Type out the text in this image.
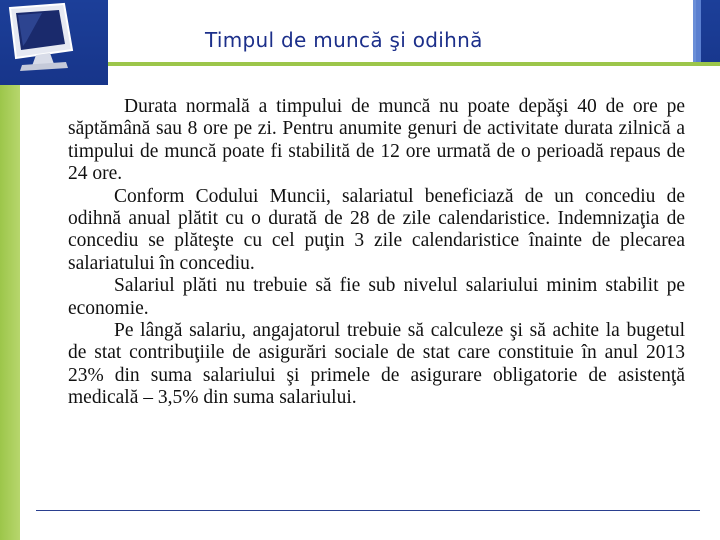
Timpul de muncă şi odihnă

Durata normală a timpului de muncă nu poate depăşi 40 de ore pe săptămână sau 8 ore pe zi. Pentru anumite genuri de activitate durata zilnică a timpului de muncă poate fi stabilită de 12 ore urmată de o perioadă repaus de 24 ore.

Conform Codului Muncii, salariatul beneficiază de un concediu de odihnă anual plătit cu o durată de 28 de zile calendaristice. Indemnizaţia de concediu se plăteşte cu cel puţin 3 zile calendaristice înainte de plecarea salariatului în concediu.

Salariul plăti nu trebuie să fie sub nivelul salariului minim stabilit pe economie.

Pe lângă salariu, angajatorul trebuie să calculeze şi să achite la bugetul de stat contribuţiile de asigurări sociale de stat care constituie în anul 2013 23% din suma salariului şi primele de asigurare obligatorie de asistenţă medicală – 3,5% din suma salariului.
